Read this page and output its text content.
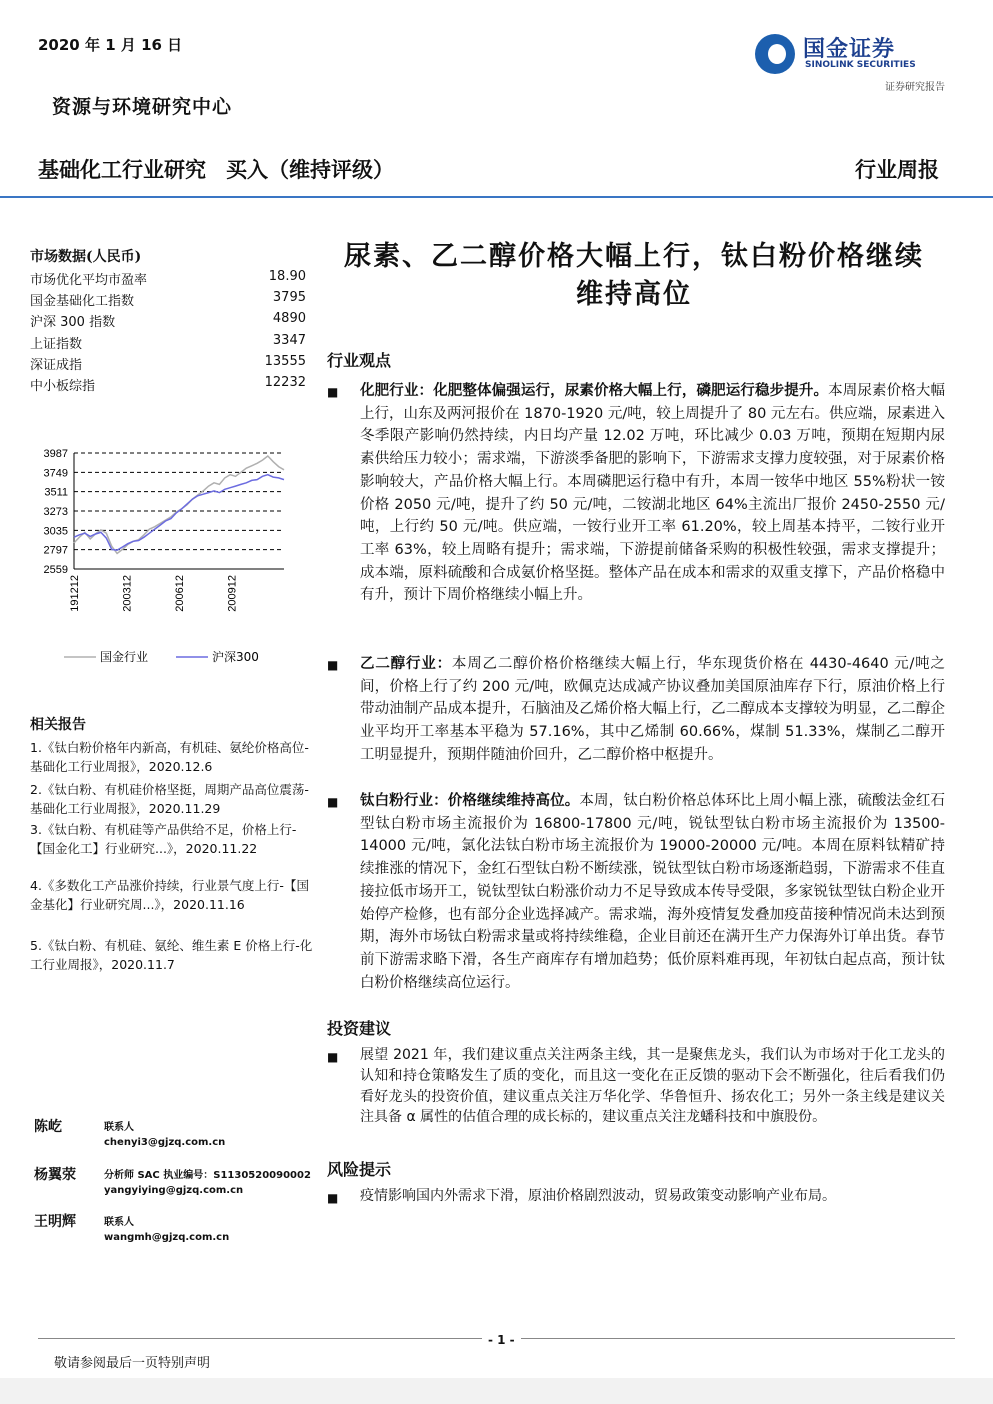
2020 年 1 月 16 日
资源与环境研究中心
国金证券
SINOLINK SECURITIES
证券研究报告
基础化工行业研究 买入（维持评级）	行业周报
市场数据(人民币)
市场优化平均市盈率	18.90
国金基础化工指数	3795
沪深 300 指数	4890
上证指数	3347
深证成指	13555
中小板综指	12232
3987
3749
3511
3273
3035
2797
2559
191212	200312	200612	200912
国金行业	沪深300
相关报告
1.《钛白粉价格年内新高，有机硅、氨纶价格高位-基础化工行业周报》，2020.12.6
2.《钛白粉、有机硅价格坚挺，周期产品高位震荡-基础化工行业周报》，2020.11.29
3.《钛白粉、有机硅等产品供给不足，价格上行-【国金化工】行业研究...》，2020.11.22
4.《多数化工产品涨价持续，行业景气度上行-【国金基化】行业研究周...》，2020.11.16
5.《钛白粉、有机硅、氨纶、维生素 E 价格上行-化工行业周报》，2020.11.7
陈屹	联系人
chenyi3@gjzq.com.cn
杨翼荥	分析师 SAC 执业编号：S1130520090002
yangyiying@gjzq.com.cn
王明辉	联系人
wangmh@gjzq.com.cn
尿素、乙二醇价格大幅上行，钛白粉价格继续
维持高位
行业观点
■ 化肥行业：化肥整体偏强运行，尿素价格大幅上行，磷肥运行稳步提升。本周尿素价格大幅上行，山东及两河报价在 1870-1920 元/吨，较上周提升了 80 元左右。供应端，尿素进入冬季限产影响仍然持续，内日均产量 12.02 万吨，环比减少 0.03 万吨，预期在短期内尿素供给压力较小；需求端，下游淡季备肥的影响下，下游需求支撑力度较强，对于尿素价格影响较大，产品价格大幅上行。本周磷肥运行稳中有升，本周一铵华中地区 55%粉状一铵价格 2050 元/吨，提升了约 50 元/吨，二铵湖北地区 64%主流出厂报价 2450-2550 元/吨，上行约 50 元/吨。供应端，一铵行业开工率 61.20%，较上周基本持平，二铵行业开工率 63%，较上周略有提升；需求端，下游提前储备采购的积极性较强，需求支撑提升；成本端，原料硫酸和合成氨价格坚挺。整体产品在成本和需求的双重支撑下，产品价格稳中有升，预计下周价格继续小幅上升。
■ 乙二醇行业：本周乙二醇价格价格继续大幅上行，华东现货价格在 4430-4640 元/吨之间，价格上行了约 200 元/吨，欧佩克达成减产协议叠加美国原油库存下行，原油价格上行带动油制产品成本提升，石脑油及乙烯价格大幅上行，乙二醇成本支撑较为明显，乙二醇企业平均开工率基本平稳为 57.16%，其中乙烯制 60.66%，煤制 51.33%，煤制乙二醇开工明显提升，预期伴随油价回升，乙二醇价格中枢提升。
■ 钛白粉行业：价格继续维持高位。本周，钛白粉价格总体环比上周小幅上涨，硫酸法金红石型钛白粉市场主流报价为 16800-17800 元/吨，锐钛型钛白粉市场主流报价为 13500-14000 元/吨，氯化法钛白粉市场主流报价为 19000-20000 元/吨。本周在原料钛精矿持续推涨的情况下，金红石型钛白粉不断续涨，锐钛型钛白粉市场逐渐趋弱，下游需求不佳直接拉低市场开工，锐钛型钛白粉涨价动力不足导致成本传导受限，多家锐钛型钛白粉企业开始停产检修，也有部分企业选择减产。需求端，海外疫情复发叠加疫苗接种情况尚未达到预期，海外市场钛白粉需求量或将持续维稳，企业目前还在满开生产力保海外订单出货。春节前下游需求略下滑，各生产商库存有增加趋势；低价原料难再现，年初钛白起点高，预计钛白粉价格继续高位运行。
投资建议
■ 展望 2021 年，我们建议重点关注两条主线，其一是聚焦龙头，我们认为市场对于化工龙头的认知和持仓策略发生了质的变化，而且这一变化在正反馈的驱动下会不断强化，往后看我们仍看好龙头的投资价值，建议重点关注万华化学、华鲁恒升、扬农化工；另外一条主线是建议关注具备 α 属性的估值合理的成长标的，建议重点关注龙蟠科技和中旗股份。
风险提示
■ 疫情影响国内外需求下滑，原油价格剧烈波动，贸易政策变动影响产业布局。
- 1 -
敬请参阅最后一页特别声明
